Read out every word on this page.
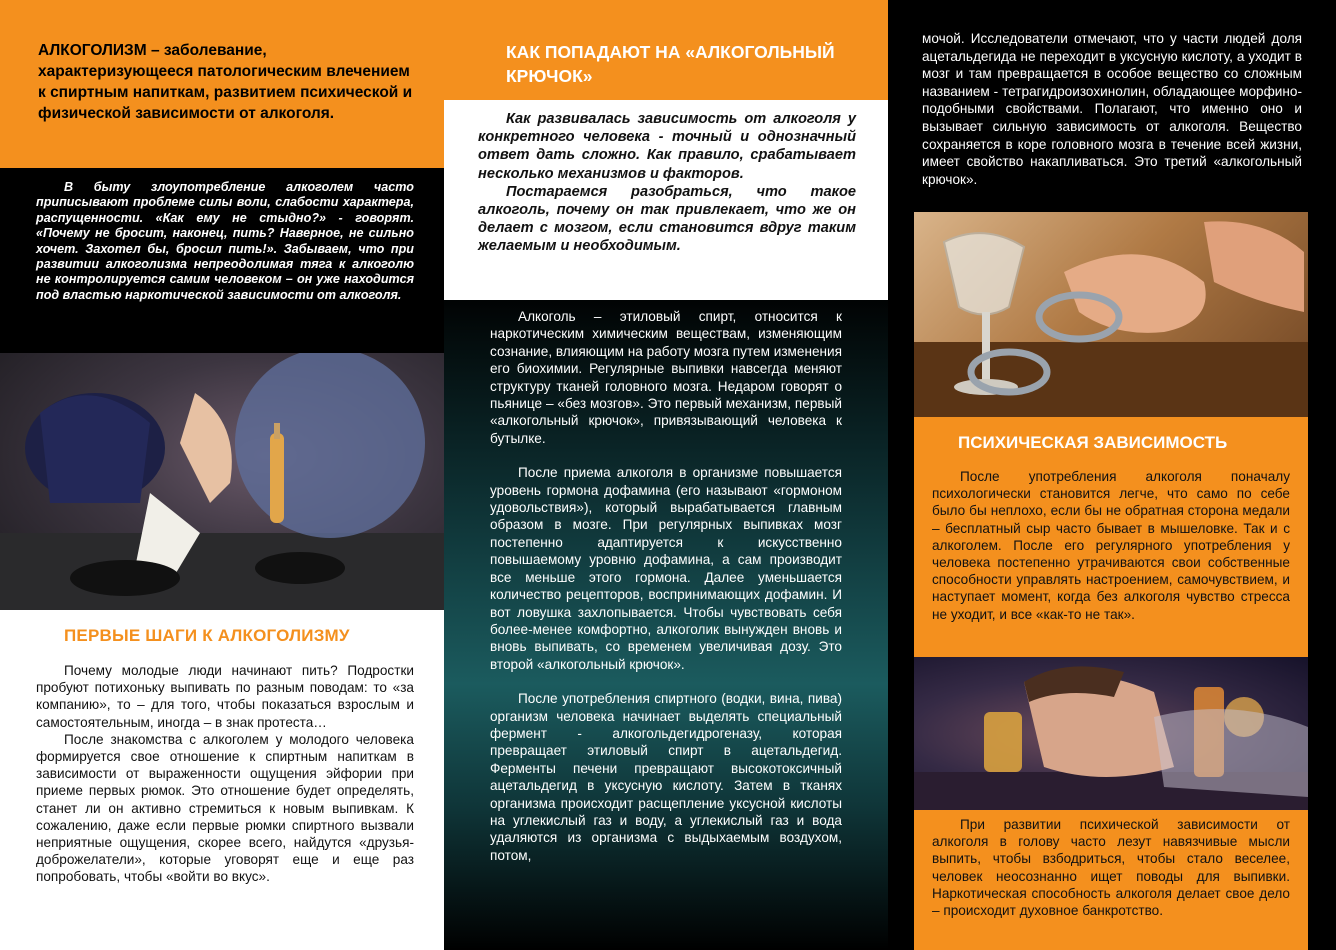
АЛКОГОЛИЗМ – заболевание, характеризующееся патологическим влечением к спиртным напиткам, развитием психической и физической зависимости от алкоголя.

В быту злоупотребление алкоголем часто приписывают проблеме силы воли, слабости характера, распущенности. «Как ему не стыдно?» - говорят. «Почему не бросит, наконец, пить? Наверное, не сильно хочет. Захотел бы, бросил пить!». Забываем, что при развитии алкоголизма непреодолимая тяга к алкоголю не контролируется самим человеком – он уже находится под властью наркотической зависимости от алкоголя.

ПЕРВЫЕ ШАГИ К АЛКОГОЛИЗМУ

Почему молодые люди начинают пить? Подростки пробуют потихоньку выпивать по разным поводам: то «за компанию», то – для того, чтобы показаться взрослым и самостоятельным, иногда – в знак протеста…

После знакомства с алкоголем у молодого человека формируется свое отношение к спиртным напиткам в зависимости от выраженности ощущения эйфории при приеме первых рюмок. Это отношение будет определять, станет ли он активно стремиться к новым выпивкам. К сожалению, даже если первые рюмки спиртного вызвали неприятные ощущения, скорее всего, найдутся «друзья-доброжелатели», которые уговорят еще и еще раз попробовать, чтобы «войти во вкус».

КАК ПОПАДАЮТ НА «АЛКОГОЛЬНЫЙ КРЮЧОК»

Как развивалась зависимость от алкоголя у конкретного человека - точный и однозначный ответ дать сложно. Как правило, срабатывает несколько механизмов и факторов.

Постараемся разобраться, что такое алкоголь, почему он так привлекает, что же он делает с мозгом, если становится вдруг таким желаемым и необходимым.

Алкоголь – этиловый спирт, относится к наркотическим химическим веществам, изменяющим сознание, влияющим на работу мозга путем изменения его биохимии. Регулярные выпивки навсегда меняют структуру тканей головного мозга. Недаром говорят о пьянице – «без мозгов». Это первый механизм, первый «алкогольный крючок», привязывающий человека к бутылке.

После приема алкоголя в организме повышается уровень гормона дофамина (его называют «гормоном удовольствия»), который вырабатывается главным образом в мозге. При регулярных выпивках мозг постепенно адаптируется к искусственно повышаемому уровню дофамина, а сам производит все меньше этого гормона. Далее уменьшается количество рецепторов, воспринимающих дофамин. И вот ловушка захлопывается. Чтобы чувствовать себя более-менее комфортно, алкоголик вынужден вновь и вновь выпивать, со временем увеличивая дозу. Это второй «алкогольный крючок».

После употребления спиртного (водки, вина, пива) организм человека начинает выделять специальный фермент - алкогольдегидрогеназу, которая превращает этиловый спирт в ацетальдегид. Ферменты печени превращают высокотоксичный ацетальдегид в уксусную кислоту. Затем в тканях организма происходит расщепление уксусной кислоты на углекислый газ и воду, а углекислый газ и вода удаляются из организма с выдыхаемым воздухом, потом,

мочой. Исследователи отмечают, что у части людей доля ацетальдегида не переходит в уксусную кислоту, а уходит в мозг и там превращается в особое вещество со сложным названием - тетрагидроизохинолин, обладающее морфино-подобными свойствами. Полагают, что именно оно и вызывает сильную зависимость от алкоголя. Вещество сохраняется в коре головного мозга в течение всей жизни, имеет свойство накапливаться. Это третий «алкогольный крючок».

ПСИХИЧЕСКАЯ ЗАВИСИМОСТЬ

После употребления алкоголя поначалу психологически становится легче, что само по себе было бы неплохо, если бы не обратная сторона медали – бесплатный сыр часто бывает в мышеловке. Так и с алкоголем. После его регулярного употребления у человека постепенно утрачиваются свои собственные способности управлять настроением, самочувствием, и наступает момент, когда без алкоголя чувство стресса не уходит, и все «как-то не так».

При развитии психической зависимости от алкоголя в голову часто лезут навязчивые мысли выпить, чтобы взбодриться, чтобы стало веселее, человек неосознанно ищет поводы для выпивки. Наркотическая способность алкоголя делает свое дело – происходит духовное банкротство.
